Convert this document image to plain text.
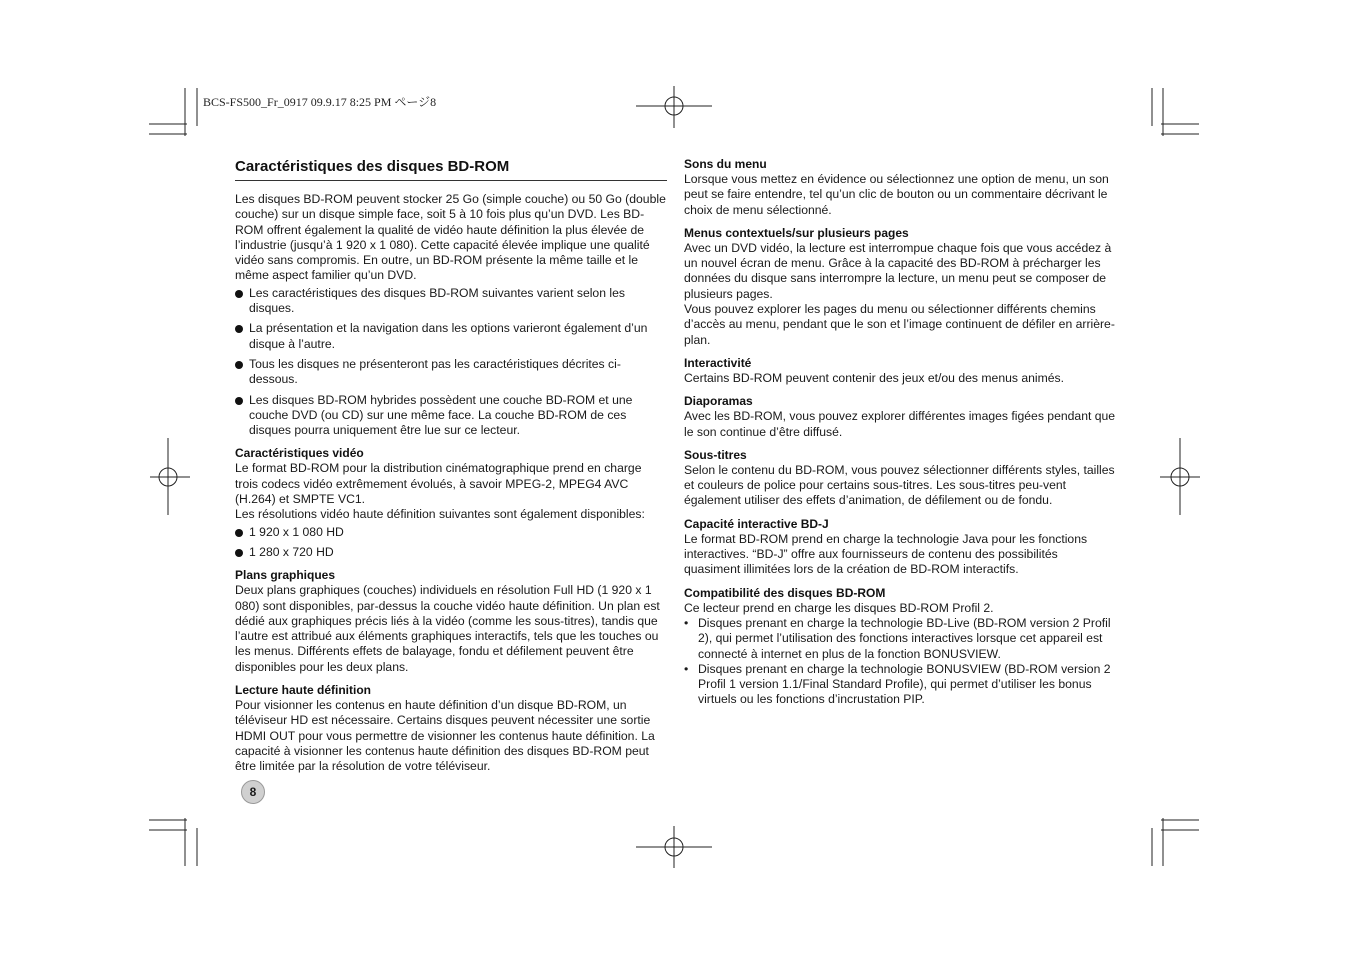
BCS-FS500_Fr_0917 09.9.17 8:25 PM ページ8
Caractéristiques des disques BD-ROM

Les disques BD-ROM peuvent stocker 25 Go (simple couche) ou 50 Go (double couche) sur un disque simple face, soit 5 à 10 fois plus qu’un DVD. Les BD-ROM offrent également la qualité de vidéo haute définition la plus élevée de l’industrie (jusqu’à 1 920 x 1 080). Cette capacité élevée implique une qualité vidéo sans compromis. En outre, un BD-ROM présente la même taille et le même aspect familier qu’un DVD.

Les caractéristiques des disques BD-ROM suivantes varient selon les disques.
La présentation et la navigation dans les options varieront également d’un disque à l’autre.
Tous les disques ne présenteront pas les caractéristiques décrites ci-dessous.
Les disques BD-ROM hybrides possèdent une couche BD-ROM et une couche DVD (ou CD) sur une même face. La couche BD-ROM de ces disques pourra uniquement être lue sur ce lecteur.
Caractéristiques vidéo

Le format BD-ROM pour la distribution cinématographique prend en charge trois codecs vidéo extrêmement évolués, à savoir MPEG-2, MPEG4 AVC (H.264) et SMPTE VC1.

Les résolutions vidéo haute définition suivantes sont également disponibles:

1 920 x 1 080 HD
1 280 x 720 HD
Plans graphiques

Deux plans graphiques (couches) individuels en résolution Full HD (1 920 x 1 080) sont disponibles, par-dessus la couche vidéo haute définition. Un plan est dédié aux graphiques précis liés à la vidéo (comme les sous-titres), tandis que l’autre est attribué aux éléments graphiques interactifs, tels que les touches ou les menus. Différents effets de balayage, fondu et défilement peuvent être disponibles pour les deux plans.

Lecture haute définition

Pour visionner les contenus en haute définition d’un disque BD-ROM, un téléviseur HD est nécessaire. Certains disques peuvent nécessiter une sortie HDMI OUT pour vous permettre de visionner les contenus haute définition. La capacité à visionner les contenus haute définition des disques BD-ROM peut être limitée par la résolution de votre téléviseur.

Sons du menu

Lorsque vous mettez en évidence ou sélectionnez une option de menu, un son peut se faire entendre, tel qu’un clic de bouton ou un commentaire décrivant le choix de menu sélectionné.

Menus contextuels/sur plusieurs pages

Avec un DVD vidéo, la lecture est interrompue chaque fois que vous accédez à un nouvel écran de menu. Grâce à la capacité des BD-ROM à précharger les données du disque sans interrompre la lecture, un menu peut se composer de plusieurs pages.

Vous pouvez explorer les pages du menu ou sélectionner différents chemins d’accès au menu, pendant que le son et l’image continuent de défiler en arrière-plan.

Interactivité

Certains BD-ROM peuvent contenir des jeux et/ou des menus animés.

Diaporamas

Avec les BD-ROM, vous pouvez explorer différentes images figées pendant que le son continue d’être diffusé.

Sous-titres

Selon le contenu du BD-ROM, vous pouvez sélectionner différents styles, tailles et couleurs de police pour certains sous-titres. Les sous-titres peu-vent également utiliser des effets d’animation, de défilement ou de fondu.

Capacité interactive BD-J

Le format BD-ROM prend en charge la technologie Java pour les fonctions interactives. “BD-J” offre aux fournisseurs de contenu des possibilités quasiment illimitées lors de la création de BD-ROM interactifs.

Compatibilité des disques BD-ROM

Ce lecteur prend en charge les disques BD-ROM Profil 2.

• Disques prenant en charge la technologie BD-Live (BD-ROM version 2 Profil 2), qui permet l’utilisation des fonctions interactives lorsque cet appareil est connecté à internet en plus de la fonction BONUSVIEW.
• Disques prenant en charge la technologie BONUSVIEW (BD-ROM version 2 Profil 1 version 1.1/Final Standard Profile), qui permet d’utiliser les bonus virtuels ou les fonctions d’incrustation PIP.
8
